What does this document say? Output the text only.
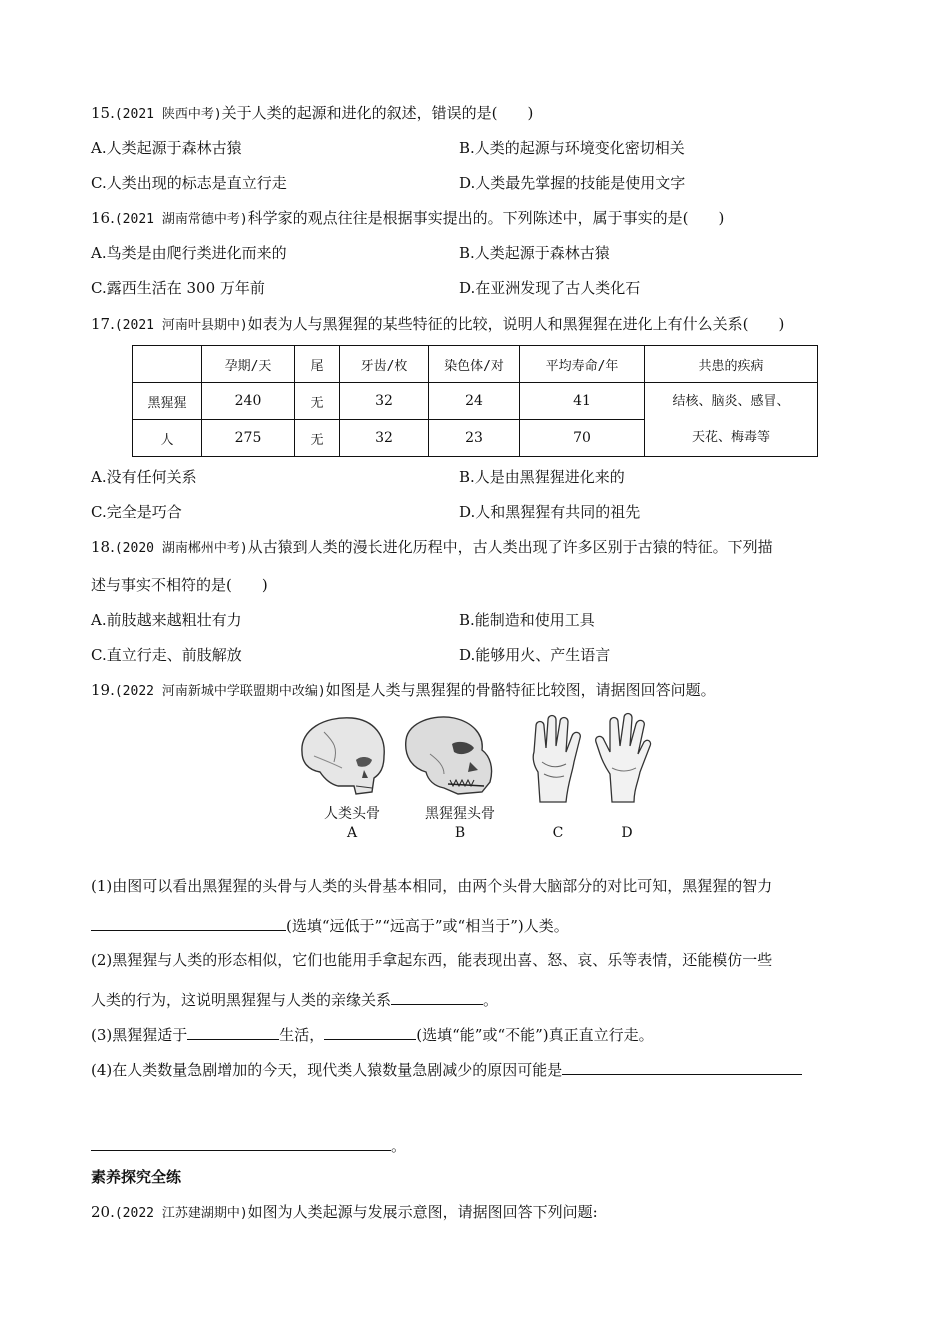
15.(2021 陕西中考)关于人类的起源和进化的叙述，错误的是(　　)
A.人类起源于森林古猿	B.人类的起源与环境变化密切相关
C.人类出现的标志是直立行走	D.人类最先掌握的技能是使用文字
16.(2021 湖南常德中考)科学家的观点往往是根据事实提出的。下列陈述中，属于事实的是(　　)
A.鸟类是由爬行类进化而来的	B.人类起源于森林古猿
C.露西生活在 300 万年前	D.在亚洲发现了古人类化石
17.(2021 河南叶县期中)如表为人与黑猩猩的某些特征的比较，说明人和黑猩猩在进化上有什么关系(　　)
	孕期/天	尾	牙齿/枚	染色体/对	平均寿命/年	共患的疾病
黑猩猩	240	无	32	24	41	结核、脑炎、感冒、
天花、梅毒等

人	275	无	32	23	70	
A.没有任何关系	B.人是由黑猩猩进化来的
C.完全是巧合	D.人和黑猩猩有共同的祖先
18.(2020 湖南郴州中考)从古猿到人类的漫长进化历程中，古人类出现了许多区别于古猿的特征。下列描
述与事实不相符的是(　　)
A.前肢越来越粗壮有力	B.能制造和使用工具
C.直立行走、前肢解放	D.能够用火、产生语言
19.(2022 河南新城中学联盟期中改编)如图是人类与黑猩猩的骨骼特征比较图，请据图回答问题。
人类头骨	黑猩猩头骨
A	B	C	D
(1)由图可以看出黑猩猩的头骨与人类的头骨基本相同，由两个头骨大脑部分的对比可知，黑猩猩的智力
(选填“远低于”“远高于”或“相当于”)人类。
(2)黑猩猩与人类的形态相似，它们也能用手拿起东西，能表现出喜、怒、哀、乐等表情，还能模仿一些
人类的行为，这说明黑猩猩与人类的亲缘关系	。
(3)黑猩猩适于	生活，	(选填“能”或“不能”)真正直立行走。
(4)在人类数量急剧增加的今天，现代类人猿数量急剧减少的原因可能是
。
素养探究全练
20.(2022 江苏建湖期中)如图为人类起源与发展示意图，请据图回答下列问题:
